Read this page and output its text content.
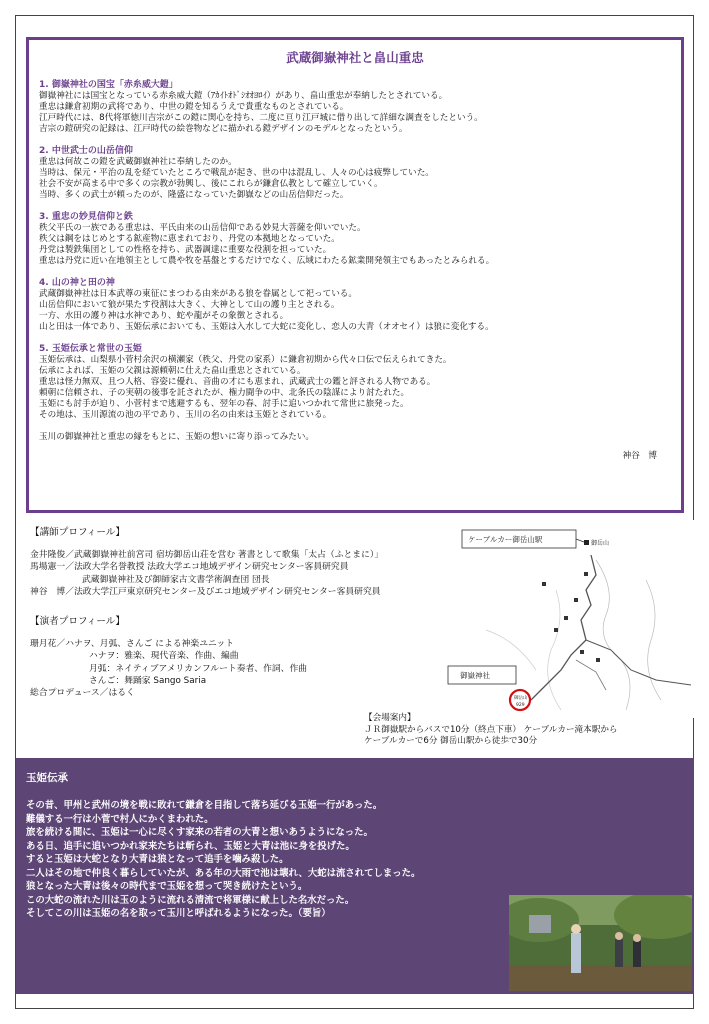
武蔵御嶽神社と畠山重忠

1. 御嶽神社の国宝「赤糸威大鎧」

御嶽神社には国宝となっている赤糸威大鎧（ｱｶｲﾄｵﾄﾞｼｵｵﾖﾛｲ）があり、畠山重忠が奉納したとされている。

重忠は鎌倉初期の武将であり、中世の鎧を知るうえで貴重なものとされている。

江戸時代には、8代将軍徳川吉宗がこの鎧に関心を持ち、二度に亘り江戸城に借り出して詳細な調査をしたという。

吉宗の鎧研究の記録は、江戸時代の絵巻物などに描かれる鎧デザインのモデルとなったという。

2. 中世武士の山岳信仰

重忠は何故この鎧を武蔵御嶽神社に奉納したのか。

当時は、保元・平治の乱を経ていたところで戦乱が起き、世の中は混乱し、人々の心は疲弊していた。

社会不安が高まる中で多くの宗教が勃興し、後にこれらが鎌倉仏教として確立していく。

当時、多くの武士が頼ったのが、隆盛になっていた御嶽などの山岳信仰だった。

3. 重忠の妙見信仰と鉄

秩父平氏の一族である重忠は、平氏由来の山岳信仰である妙見大菩薩を仰いでいた。

秩父は鋼をはじめとする鉱産物に恵まれており、丹党の本拠地となっていた。

丹党は製鉄集団としての性格を持ち、武器調達に重要な役割を担っていた。

重忠は丹党に近い在地領主として農や牧を基盤とするだけでなく、広域にわたる鉱業開発領主でもあったとみられる。

4. 山の神と田の神

武蔵御嶽神社は日本武尊の東征にまつわる由来がある狼を眷属として祀っている。

山岳信仰において狼が果たす役割は大きく、大神として山の護り主とされる。

一方、水田の護り神は水神であり、蛇や龍がその象徴とされる。

山と田は一体であり、玉姫伝承においても、玉姫は入水して大蛇に変化し、恋人の大青（オオセイ）は狼に変化する。

5. 玉姫伝承と常世の玉姫

玉姫伝承は、山梨県小菅村余沢の横瀬家（秩父、丹党の家系）に鎌倉初期から代々口伝で伝えられてきた。

伝承によれば、玉姫の父親は源頼朝に仕えた畠山重忠とされている。

重忠は怪力無双、且つ人格、容姿に優れ、音曲の才にも恵まれ、武蔵武士の鑑と評される人物である。

頼朝に信頼され、子の実朝の後事を託されたが、権力闘争の中、北条氏の陰謀により討たれた。

玉姫にも討手が迫り、小菅村まで逃避するも、翌年の春、討手に追いつかれて常世に旅発った。

その地は、玉川源流の池の平であり、玉川の名の由来は玉姫とされている。

玉川の御嶽神社と重忠の縁をもとに、玉姫の想いに寄り添ってみたい。

神谷　博

【講師プロフィール】

金井隆俊／武蔵御嶽神社前宮司 宿坊御岳山荘を営む 著書として歌集「太占（ふとまに）」

馬場憲一／法政大学名誉教授 法政大学エコ地域デザイン研究センター客員研究員

武蔵御嶽神社及び御師家古文書学術調査団 団長

神谷　博／法政大学江戸東京研究センター及びエコ地域デザイン研究センター客員研究員

【演者プロフィール】

珊月花／ハナヲ、月弧、さんご による神楽ユニット

ハナヲ：雅楽、現代音楽、作曲、編曲

月弧：ネイティブアメリカンフルート奏者、作詞、作曲

さんご：舞踊家 Sango Saria

総合プロデュース／はるく

御岳山
ケーブルカー御岳山駅
御嶽神社
御岳山
929

【会場案内】

ＪＲ御嶽駅からバスで10分（終点下車） ケーブルカー滝本駅から

ケーブルカーで6分 御岳山駅から徒歩で30分

玉姫伝承

その昔、甲州と武州の境を戦に敗れて鎌倉を目指して落ち延びる玉姫一行があった。

難儀する一行は小菅で村人にかくまわれた。

旅を続ける間に、玉姫は一心に尽くす家来の若者の大青と想いあうようになった。

ある日、追手に追いつかれ家来たちは斬られ、玉姫と大青は池に身を投げた。

すると玉姫は大蛇となり大青は狼となって追手を噛み殺した。

二人はその地で仲良く暮らしていたが、ある年の大雨で池は壊れ、大蛇は流されてしまった。

狼となった大青は後々の時代まで玉姫を想って哭き続けたという。

この大蛇の流れた川は玉のように流れる清流で将軍様に献上した名水だった。

そしてこの川は玉姫の名を取って玉川と呼ばれるようになった。（要旨）
